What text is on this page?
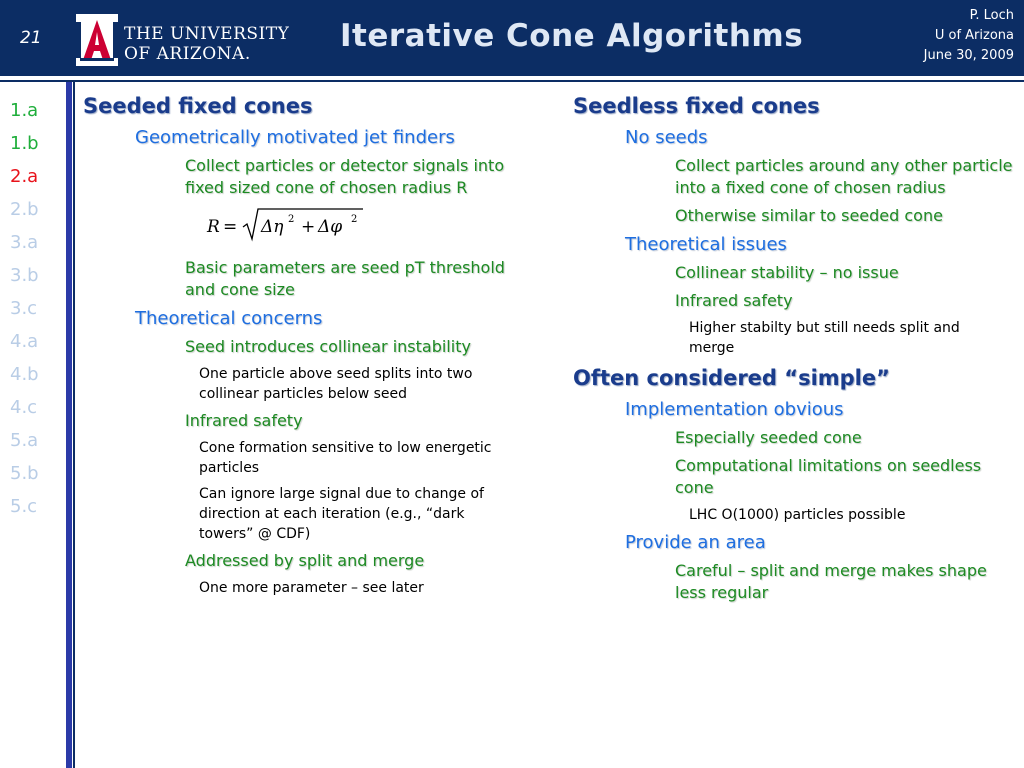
21	THE UNIVERSITY
OF ARIZONA.	Iterative Cone Algorithms
P. Loch
U of Arizona
June 30, 2009
1.a
1.b
2.a
2.b
3.a
3.b
3.c
4.a
4.b
4.c
5.a
5.b
5.c
Seeded fixed cones
Geometrically motivated jet finders
Collect particles or detector signals into fixed sized cone of chosen radius R
R = Δη 2 + Δφ 2
Basic parameters are seed pT threshold and cone size
Theoretical concerns
Seed introduces collinear instability
One particle above seed splits into two collinear particles below seed
Infrared safety
Cone formation sensitive to low energetic particles
Can ignore large signal due to change of direction at each iteration (e.g., “dark towers” @ CDF)
Addressed by split and merge
One more parameter – see later
Seedless fixed cones
No seeds
Collect particles around any other particle into a fixed cone of chosen radius
Otherwise similar to seeded cone
Theoretical issues
Collinear stability – no issue
Infrared safety
Higher stabilty but still needs split and merge
Often considered “simple”
Implementation obvious
Especially seeded cone
Computational limitations on seedless cone
LHC O(1000) particles possible
Provide an area
Careful – split and merge makes shape less regular
